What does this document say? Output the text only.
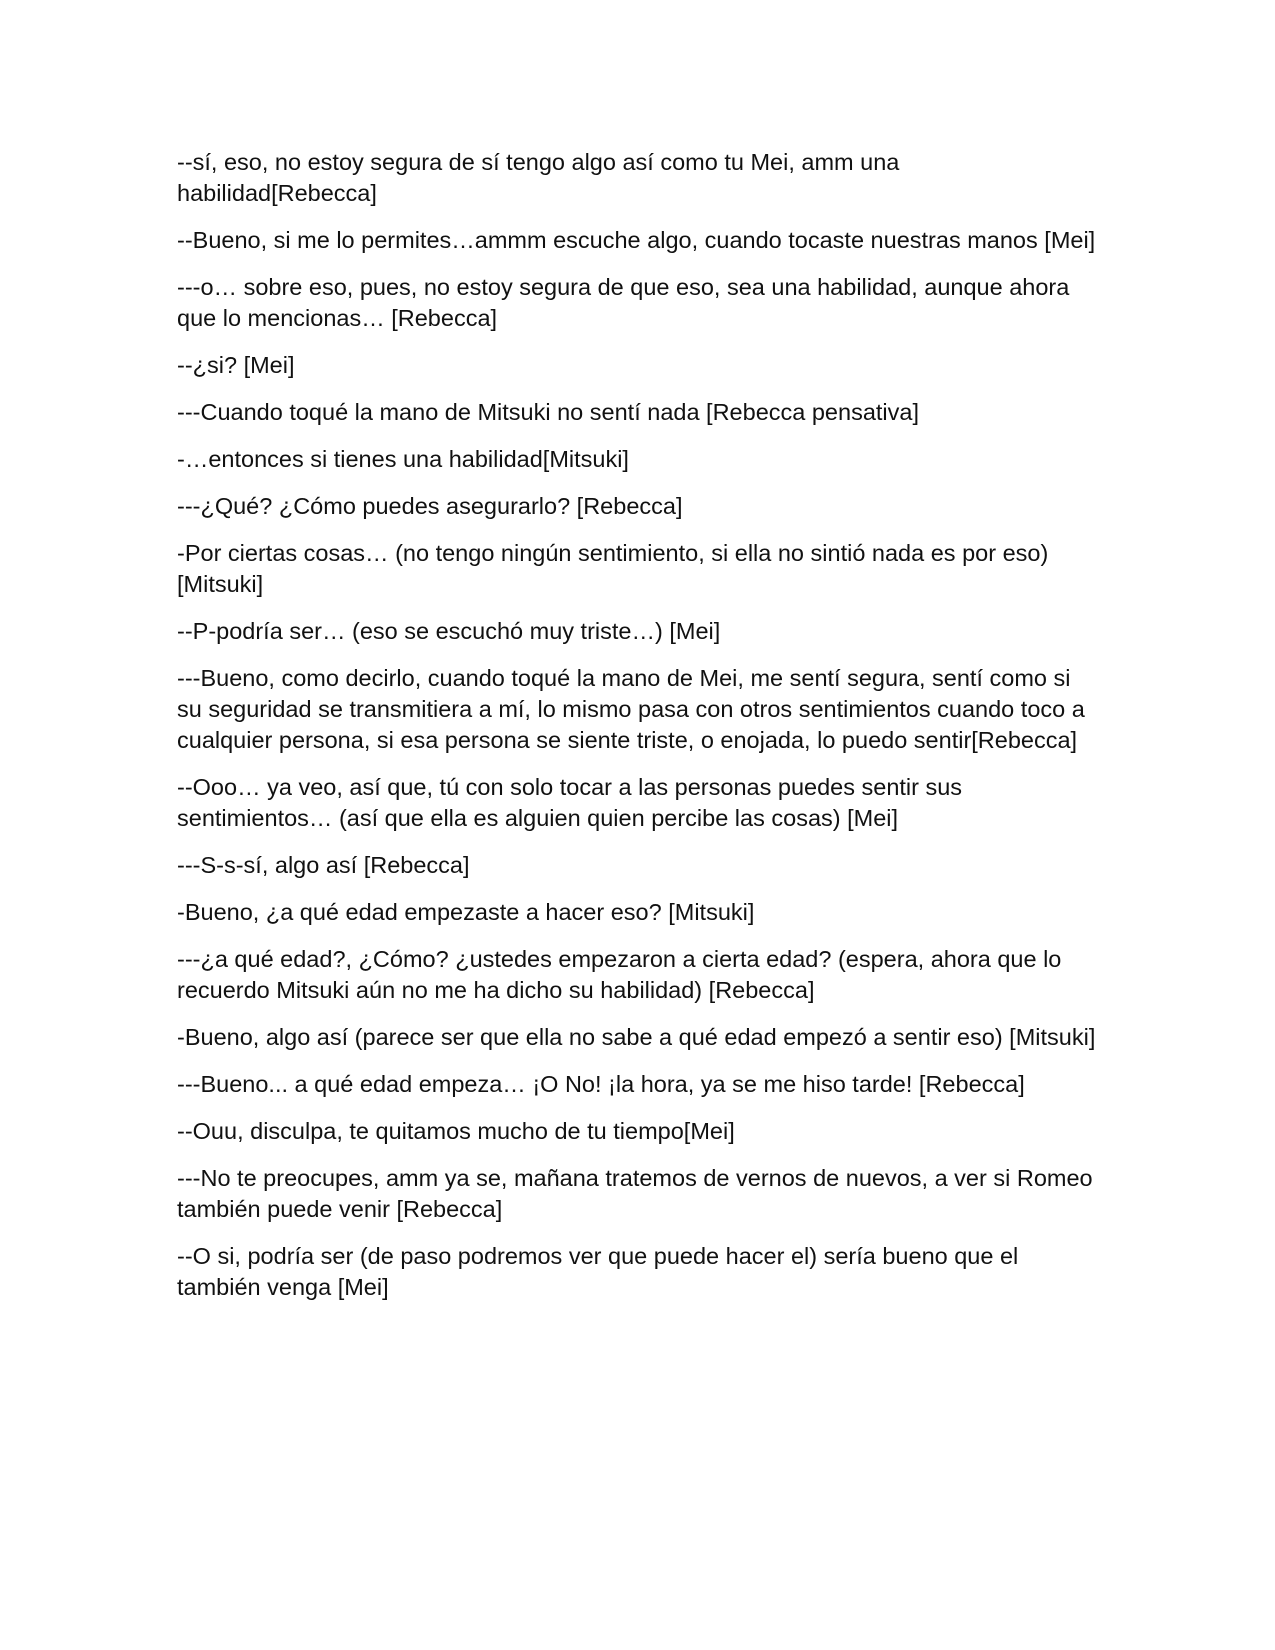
--sí, eso, no estoy segura de sí tengo algo así como tu Mei, amm una habilidad[Rebecca]

--Bueno, si me lo permites…ammm escuche algo, cuando tocaste nuestras manos [Mei]

---o… sobre eso, pues, no estoy segura de que eso, sea una habilidad, aunque ahora que lo mencionas… [Rebecca]

--¿si? [Mei]

---Cuando toqué la mano de Mitsuki no sentí nada [Rebecca pensativa]

-…entonces si tienes una habilidad[Mitsuki]

---¿Qué? ¿Cómo puedes asegurarlo? [Rebecca]

-Por ciertas cosas… (no tengo ningún sentimiento, si ella no sintió nada es por eso) [Mitsuki]

--P-podría ser… (eso se escuchó muy triste…) [Mei]

---Bueno, como decirlo, cuando toqué la mano de Mei, me sentí segura, sentí como si su seguridad se transmitiera a mí, lo mismo pasa con otros sentimientos cuando toco a cualquier persona, si esa persona se siente triste, o enojada, lo puedo sentir[Rebecca]

--Ooo… ya veo, así que, tú con solo tocar a las personas puedes sentir sus sentimientos… (así que ella es alguien quien percibe las cosas) [Mei]

---S-s-sí, algo así [Rebecca]

-Bueno, ¿a qué edad empezaste a hacer eso? [Mitsuki]

---¿a qué edad?, ¿Cómo? ¿ustedes empezaron a cierta edad? (espera, ahora que lo recuerdo Mitsuki aún no me ha dicho su habilidad) [Rebecca]

-Bueno, algo así (parece ser que ella no sabe a qué edad empezó a sentir eso) [Mitsuki]

---Bueno... a qué edad empeza… ¡O No! ¡la hora, ya se me hiso tarde! [Rebecca]

--Ouu, disculpa, te quitamos mucho de tu tiempo[Mei]

---No te preocupes, amm ya se, mañana tratemos de vernos de nuevos, a ver si Romeo también puede venir [Rebecca]

--O si, podría ser (de paso podremos ver que puede hacer el) sería bueno que el también venga [Mei]
